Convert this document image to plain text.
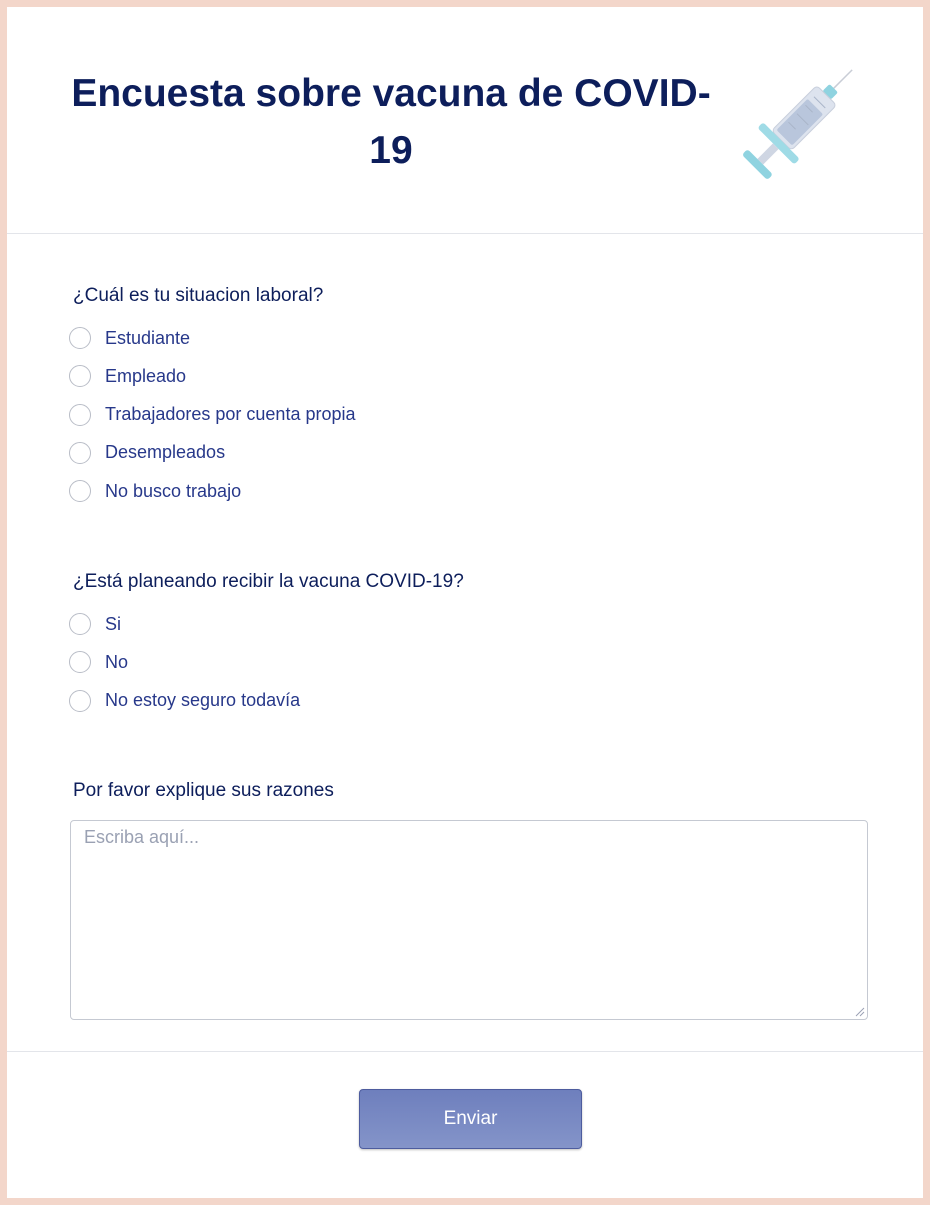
Encuesta sobre vacuna de COVID-19

¿Cuál es tu situacion laboral?

Estudiante
Empleado
Trabajadores por cuenta propia
Desempleados
No busco trabajo

¿Está planeando recibir la vacuna COVID-19?

Si
No
No estoy seguro todavía

Por favor explique sus razones

Escriba aquí...
Enviar
